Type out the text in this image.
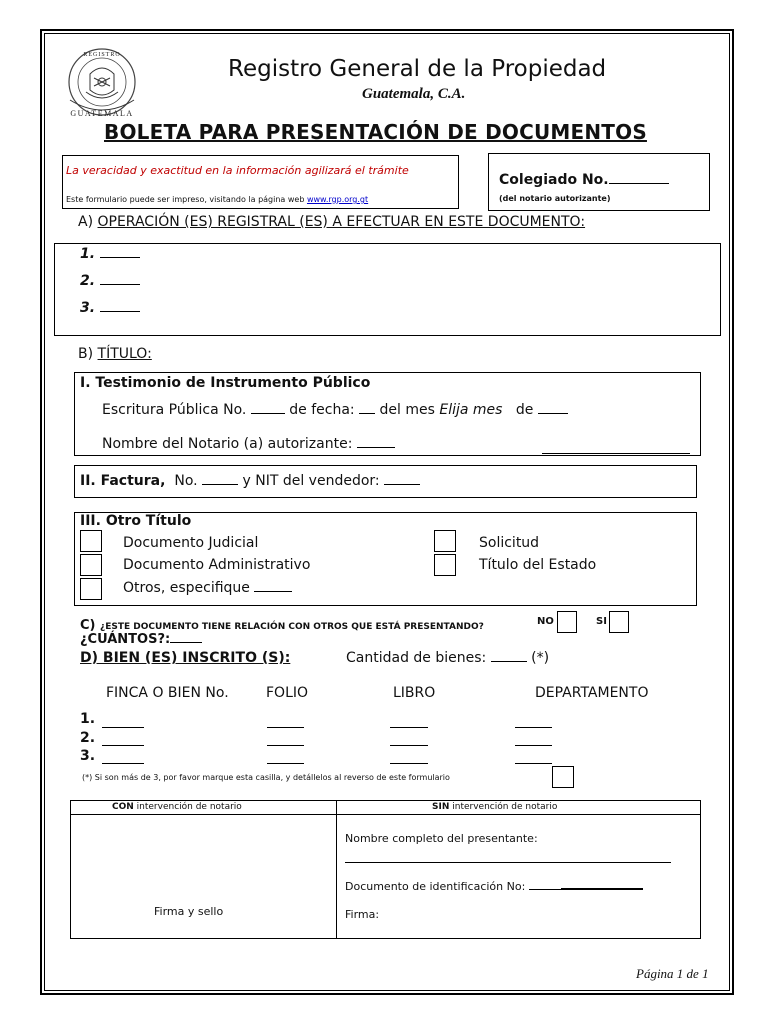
GUATEMALA
REGISTRO
Registro General de la Propiedad
Guatemala, C.A.
BOLETA PARA PRESENTACIÓN DE DOCUMENTOS
La veracidad y exactitud en la información agilizará el trámite
Este formulario puede ser impreso, visitando la página web www.rgp.org.gt
Colegiado No.
(del notario autorizante)
A) OPERACIÓN (ES) REGISTRAL (ES) A EFECTUAR EN ESTE DOCUMENTO:
1.
2.
3.
B) TÍTULO:
I. Testimonio de Instrumento Público
Escritura Pública No.	de fecha: del mes Elija mes de
Nombre del Notario (a) autorizante:
II. Factura, No.	y NIT del vendedor:
III. Otro Título
Documento Judicial
Documento Administrativo
Otros, especifique
Solicitud
Título del Estado
C) ¿ESTE DOCUMENTO TIENE RELACIÓN CON OTROS QUE ESTÁ PRESENTANDO?	NO	SI
¿CUÁNTOS?:
D) BIEN (ES) INSCRITO (S):	Cantidad de bienes:	(*)
FINCA O BIEN No.	FOLIO	LIBRO	DEPARTAMENTO
1.
2.
3.
(*) Si son más de 3, por favor marque esta casilla, y detállelos al reverso de este formulario
CON intervención de notario	SIN intervención de notario
Firma y sello
Nombre completo del presentante:
Documento de identificación No:
Firma:
Página 1 de 1
